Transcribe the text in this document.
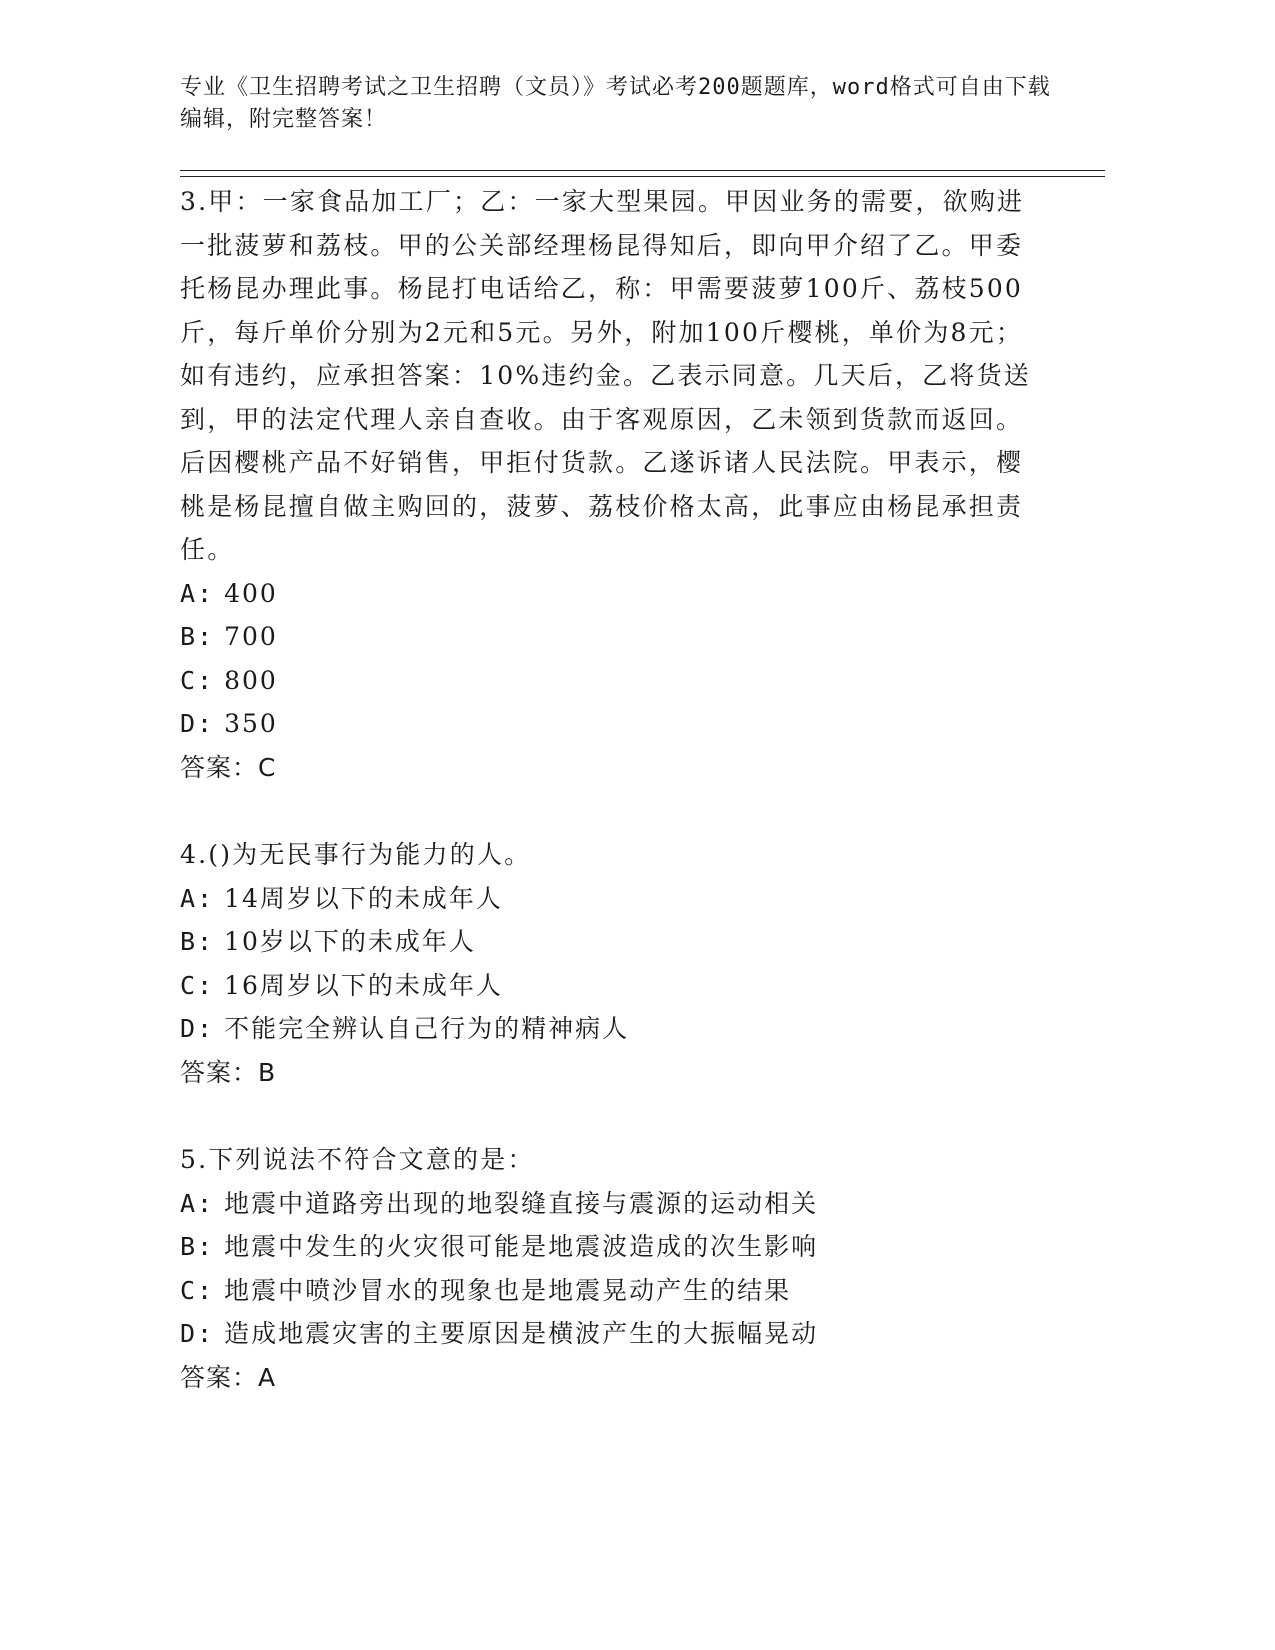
专业《卫生招聘考试之卫生招聘（文员）》考试必考200题题库，word格式可自由下载编辑，附完整答案！

3.甲：一家食品加工厂；乙：一家大型果园。甲因业务的需要，欲购进一批菠萝和荔枝。甲的公关部经理杨昆得知后，即向甲介绍了乙。甲委托杨昆办理此事。杨昆打电话给乙，称：甲需要菠萝100斤、荔枝500斤，每斤单价分别为2元和5元。另外，附加100斤樱桃，单价为8元；如有违约，应承担答案：10%违约金。乙表示同意。几天后，乙将货送到，甲的法定代理人亲自查收。由于客观原因，乙未领到货款而返回。后因樱桃产品不好销售，甲拒付货款。乙遂诉诸人民法院。甲表示，樱桃是杨昆擅自做主购回的，菠萝、荔枝价格太高，此事应由杨昆承担责任。

A: 400

B: 700

C: 800

D: 350

答案：C

4.()为无民事行为能力的人。

A: 14周岁以下的未成年人

B: 10岁以下的未成年人

C: 16周岁以下的未成年人

D: 不能完全辨认自己行为的精神病人

答案：B

5.下列说法不符合文意的是：

A: 地震中道路旁出现的地裂缝直接与震源的运动相关

B: 地震中发生的火灾很可能是地震波造成的次生影响

C: 地震中喷沙冒水的现象也是地震晃动产生的结果

D: 造成地震灾害的主要原因是横波产生的大振幅晃动

答案：A
